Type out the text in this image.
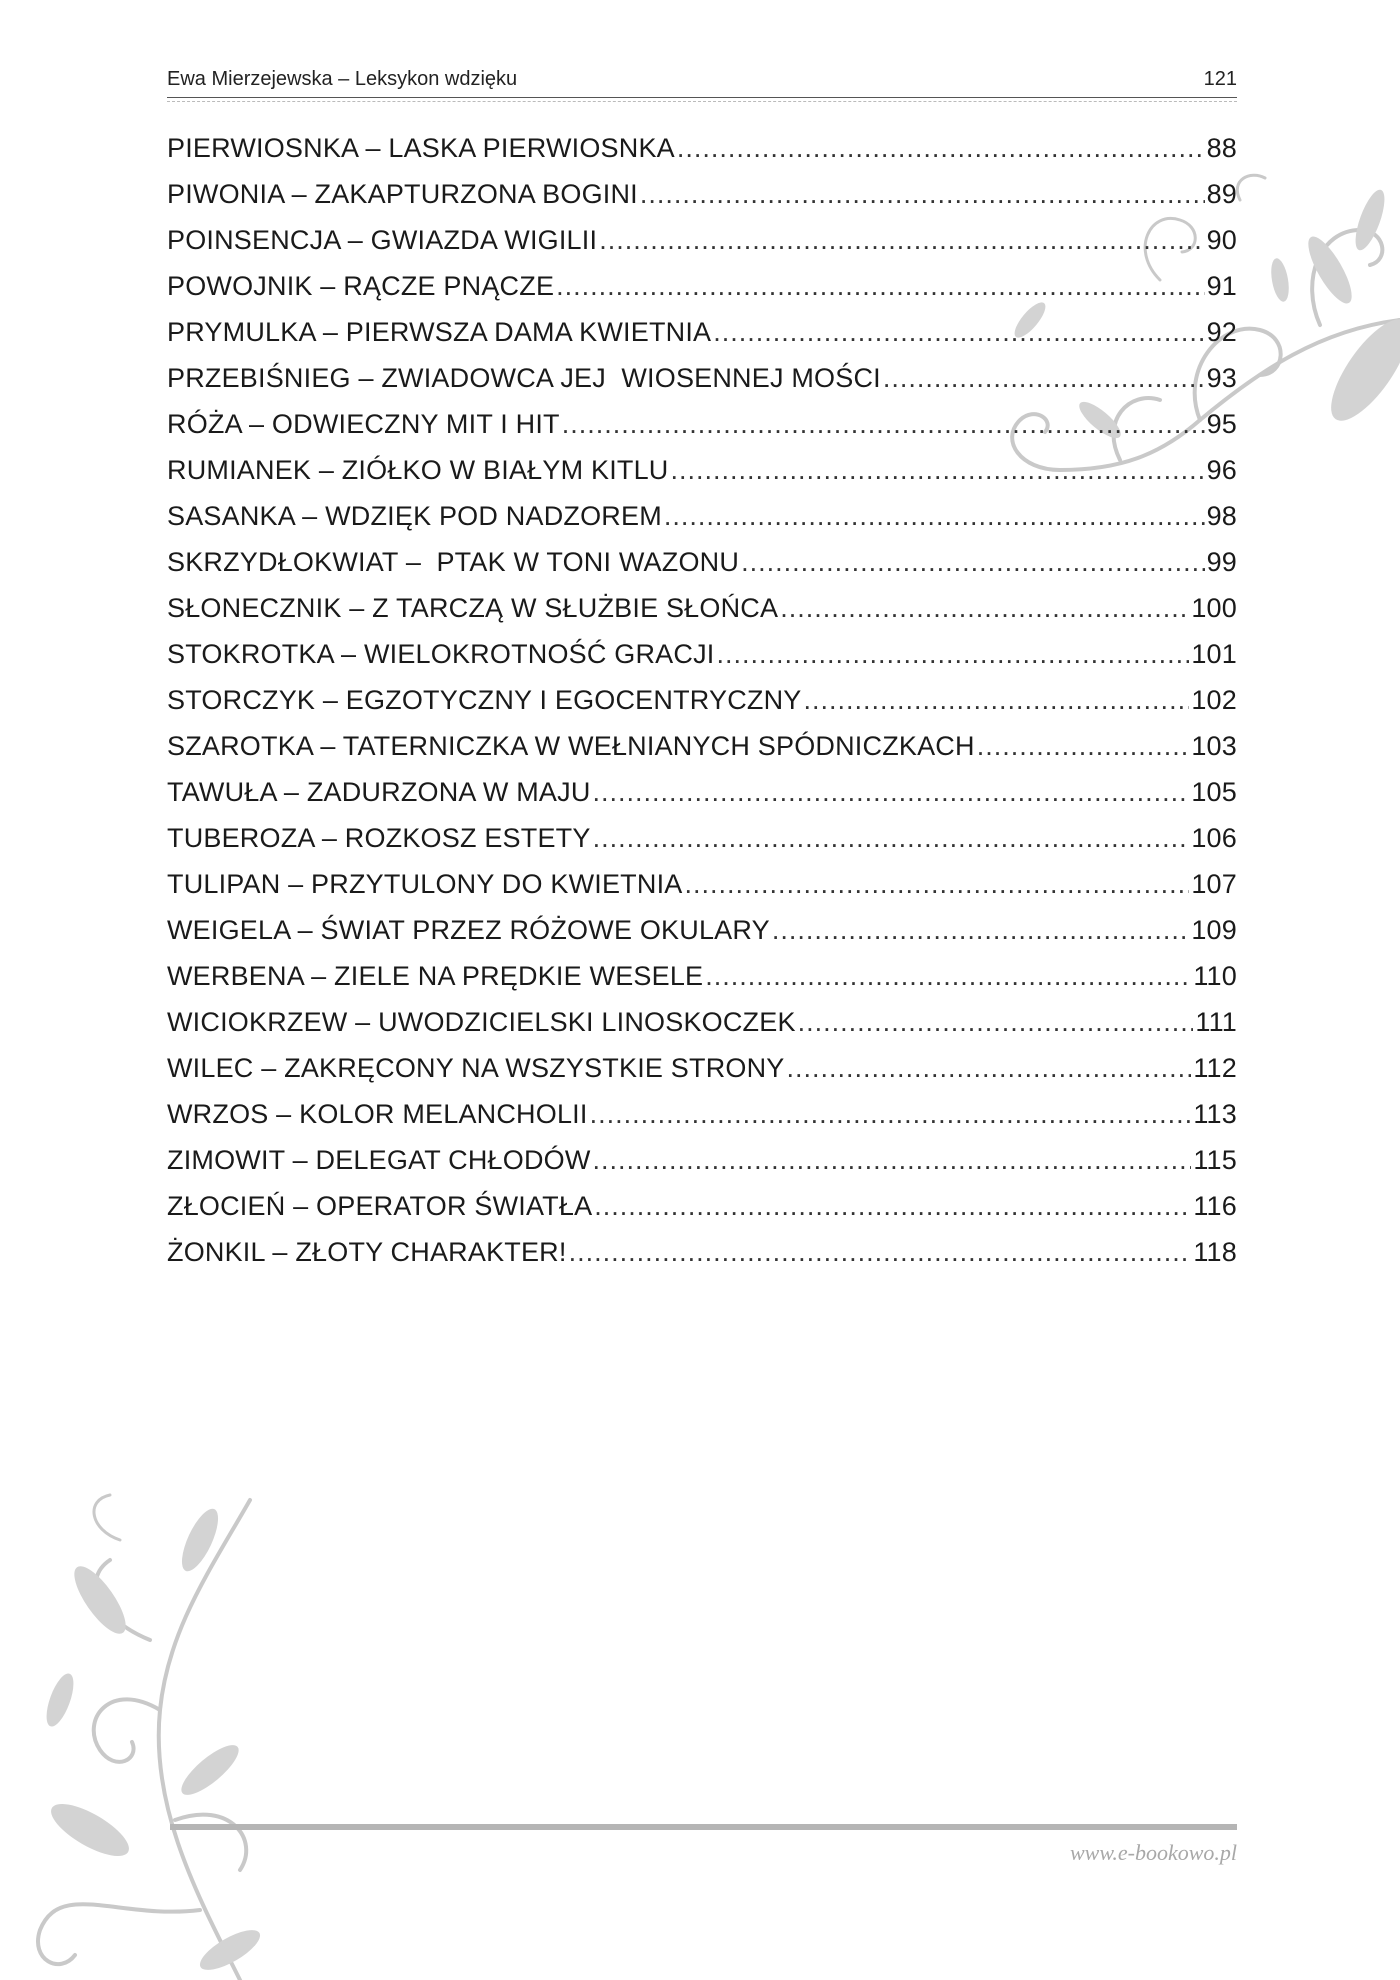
Ewa Mierzejewska – Leksykon wdzięku	121
PIERWIOSNKA – LASKA PIERWIOSNKA .....	88
PIWONIA – ZAKAPTURZONA BOGINI .....	89
POINSENCJA – GWIAZDA WIGILII .....	90
POWOJNIK – RĄCZE PNĄCZE .....	91
PRYMULKA – PIERWSZA DAMA KWIETNIA .....	92
PRZEBIŚNIEG – ZWIADOWCA JEJ  WIOSENNEJ MOŚCI .....	93
RÓŻA – ODWIECZNY MIT I HIT .....	95
RUMIANEK – ZIÓŁKO W BIAŁYM KITLU .....	96
SASANKA – WDZIĘK POD NADZOREM .....	98
SKRZYDŁOKWIAT –  PTAK W TONI WAZONU .....	99
SŁONECZNIK – Z TARCZĄ W SŁUŻBIE SŁOŃCA .....	100
STOKROTKA – WIELOKROTNOŚĆ GRACJI .....	101
STORCZYK – EGZOTYCZNY I EGOCENTRYCZNY .....	102
SZAROTKA – TATERNICZKA W WEŁNIANYCH SPÓDNICZKACH .....	103
TAWUŁA – ZADURZONA W MAJU .....	105
TUBEROZA – ROZKOSZ ESTETY .....	106
TULIPAN – PRZYTULONY DO KWIETNIA .....	107
WEIGELA – ŚWIAT PRZEZ RÓŻOWE OKULARY .....	109
WERBENA – ZIELE NA PRĘDKIE WESELE .....	110
WICIOKRZEW – UWODZICIELSKI LINOSKOCZEK .....	111
WILEC – ZAKRĘCONY NA WSZYSTKIE STRONY .....	112
WRZOS – KOLOR MELANCHOLII .....	113
ZIMOWIT – DELEGAT CHŁODÓW .....	115
ZŁOCIEŃ – OPERATOR ŚWIATŁA .....	116
ŻONKIL – ZŁOTY CHARAKTER! .....	118
www.e-bookowo.pl
